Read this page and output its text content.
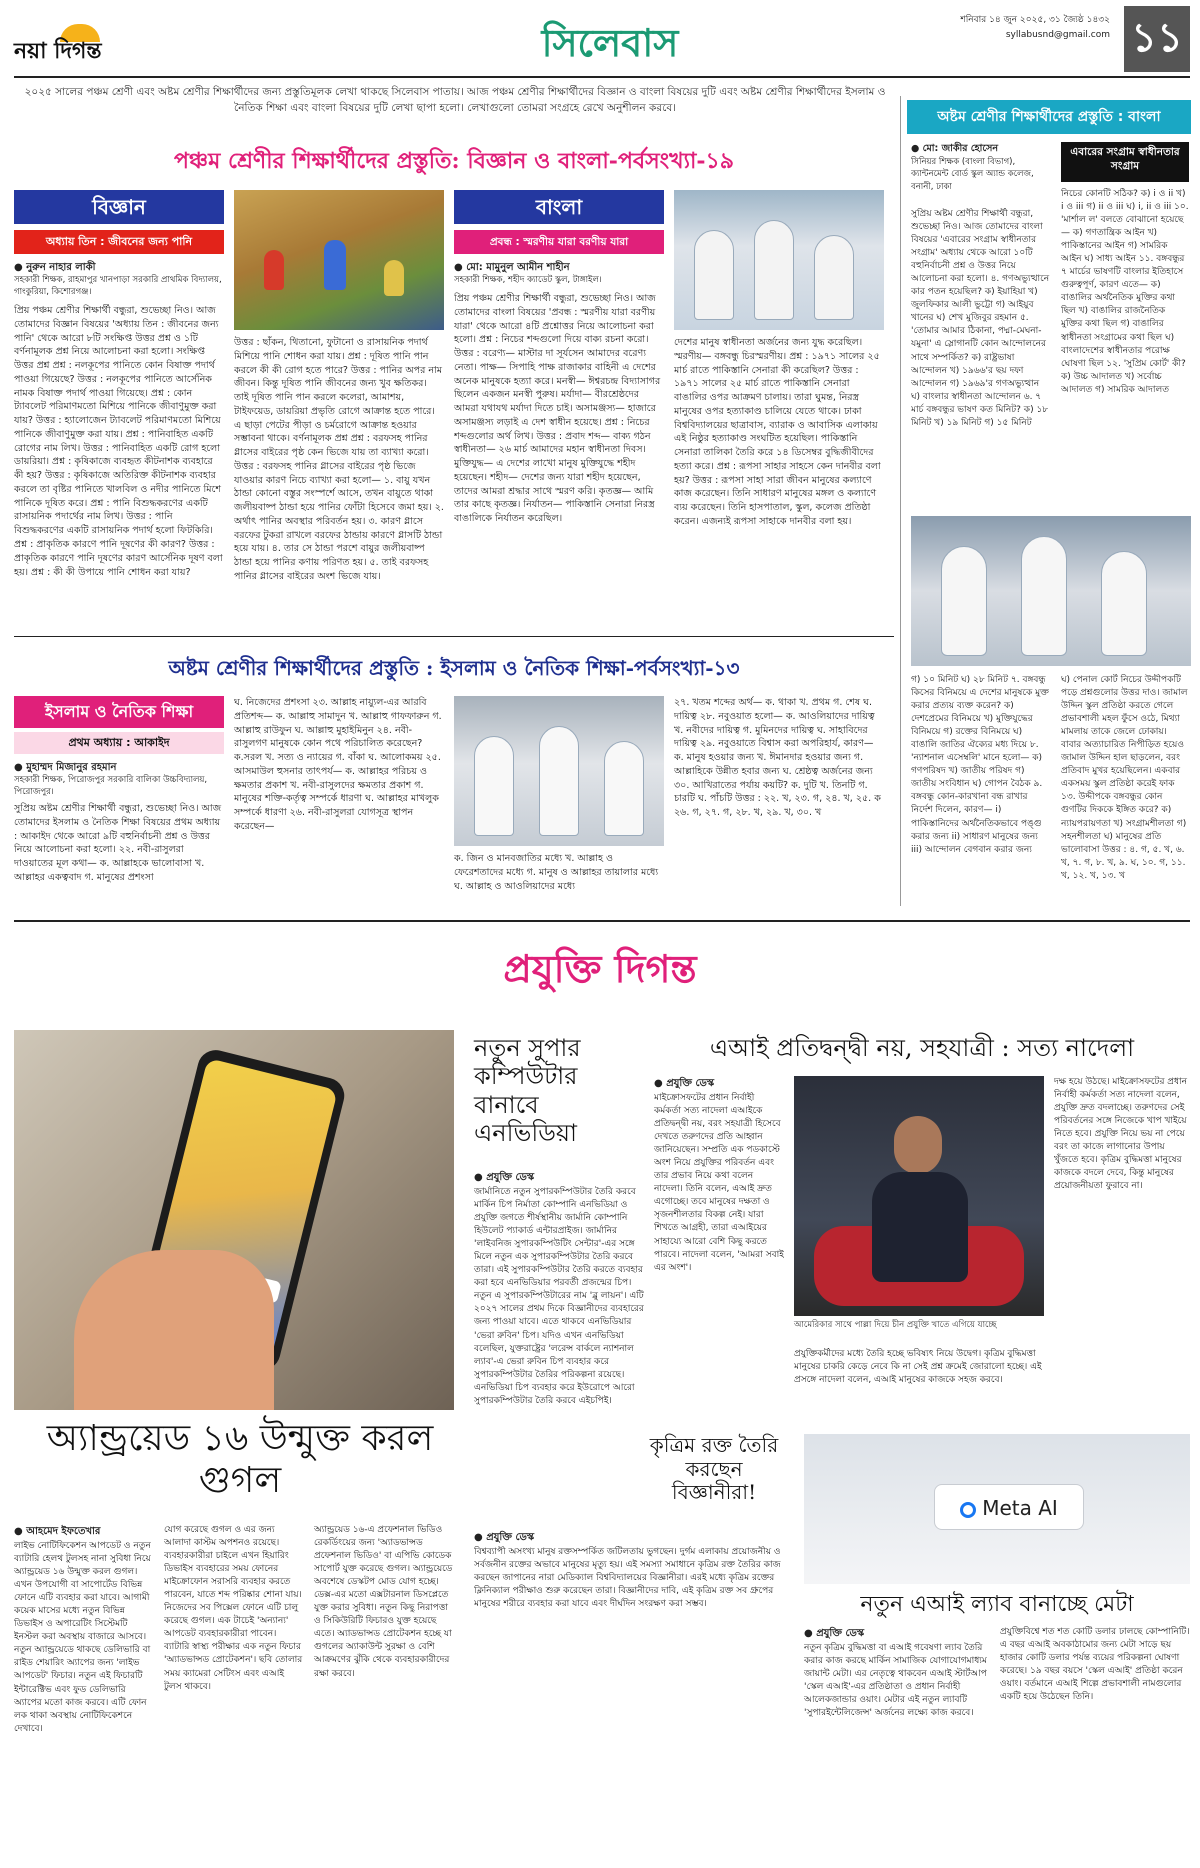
নয়া দিগন্ত	সিলেবাস	শনিবার ১৪ জুন ২০২৫, ৩১ জ্যৈষ্ঠ ১৪৩২
syllabusnd@gmail.com ১১
২০২৫ সালের পঞ্চম শ্রেণী এবং অষ্টম শ্রেণীর শিক্ষার্থীদের জন্য প্রস্তুতিমূলক লেখা থাকছে সিলেবাস পাতায়। আজ পঞ্চম শ্রেণীর শিক্ষার্থীদের বিজ্ঞান ও বাংলা বিষয়ের দুটি এবং অষ্টম শ্রেণীর শিক্ষার্থীদের ইসলাম ও নৈতিক শিক্ষা এবং বাংলা বিষয়ের দুটি লেখা ছাপা হলো। লেখাগুলো তোমরা সংগ্রহে রেখে অনুশীলন করবে।
পঞ্চম শ্রেণীর শিক্ষার্থীদের প্রস্তুতি: বিজ্ঞান ও বাংলা-পর্বসংখ্যা-১৯
বিজ্ঞান
অধ্যায় তিন : জীবনের জন্য পানি
● নুরুন নাহার লাকী
সহকারী শিক্ষক, রাহমাপুর খানপাড়া সরকারি প্রাথমিক বিদ্যালয়, গাংকুরিয়া, কিশোরগঞ্জ।
প্রিয় পঞ্চম শ্রেণীর শিক্ষার্থী বন্ধুরা, শুভেচ্ছা নিও। আজ তোমাদের বিজ্ঞান বিষয়ের 'অধ্যায় তিন : জীবনের জন্য পানি' থেকে আরো ৮টি সংক্ষিপ্ত উত্তর প্রশ্ন ও ১টি বর্ণনামূলক প্রশ্ন নিয়ে আলোচনা করা হলো। সংক্ষিপ্ত উত্তর প্রশ্ন প্রশ্ন : নলকূপের পানিতে কোন বিষাক্ত পদার্থ পাওয়া গিয়েছে? উত্তর : নলকূপের পানিতে আর্সেনিক নামক বিষাক্ত পদার্থ পাওয়া গিয়েছে। প্রশ্ন : কোন ট্যাবলেট পরিমাণমতো মিশিয়ে পানিকে জীবাণুমুক্ত করা যায়? উত্তর : হ্যালোজেন ট্যাবলেট পরিমাণমতো মিশিয়ে পানিকে জীবাণুমুক্ত করা যায়। প্রশ্ন : পানিবাহিত একটি রোগের নাম লিখ। উত্তর : পানিবাহিত একটি রোগ হলো ডায়রিয়া। প্রশ্ন : কৃষিকাজে ব্যবহৃত কীটনাশক ব্যবহারে কী হয়? উত্তর : কৃষিকাজে অতিরিক্ত কীটনাশক ব্যবহার করলে তা বৃষ্টির পানিতে খালবিল ও নদীর পানিতে মিশে পানিকে দূষিত করে। প্রশ্ন : পানি বিশুদ্ধকরণের একটি রাসায়নিক পদার্থের নাম লিখ। উত্তর : পানি বিশুদ্ধকরণের একটি রাসায়নিক পদার্থ হলো ফিটকিরি। প্রশ্ন : প্রাকৃতিক কারণে পানি দূষণের কী কারণ? উত্তর : প্রাকৃতিক কারণে পানি দূষণের কারণ আর্সেনিক দূষণ বলা হয়। প্রশ্ন : কী কী উপায়ে পানি শোধন করা যায়?
উত্তর : ছাঁকন, থিতানো, ফুটানো ও রাসায়নিক পদার্থ মিশিয়ে পানি শোধন করা যায়। প্রশ্ন : দূষিত পানি পান করলে কী কী রোগ হতে পারে? উত্তর : পানির অপর নাম জীবন। কিন্তু দূষিত পানি জীবনের জন্য খুব ক্ষতিকর। তাই দূষিত পানি পান করলে কলেরা, আমাশয়, টাইফয়েড, ডায়রিয়া প্রভৃতি রোগে আক্রান্ত হতে পারে। এ ছাড়া পেটের পীড়া ও চর্মরোগে আক্রান্ত হওয়ার সম্ভাবনা থাকে। বর্ণনামূলক প্রশ্ন প্রশ্ন : বরফসহ পানির গ্লাসের বাইরের পৃষ্ঠ কেন ভিজে যায় তা ব্যাখ্যা করো। উত্তর : বরফসহ পানির গ্লাসের বাইরের পৃষ্ঠ ভিজে যাওয়ার কারণ নিচে ব্যাখ্যা করা হলো— ১. বায়ু যখন ঠান্ডা কোনো বস্তুর সংস্পর্শে আসে, তখন বায়ুতে থাকা জলীয়বাষ্প ঠান্ডা হয়ে পানির ফোঁটা হিসেবে জমা হয়। ২. অর্থাৎ পানির অবস্থার পরিবর্তন হয়। ৩. কারণ গ্লাসে বরফের টুকরা রাখলে বরফের ঠান্ডায় কারণে গ্লাসটি ঠান্ডা হয়ে যায়। ৪. তার সে ঠান্ডা পরশে বায়ুর জলীয়বাষ্প ঠান্ডা হয়ে পানির কণায় পরিণত হয়। ৫. তাই বরফসহ পানির গ্লাসের বাইরের অংশ ভিজে যায়।
বাংলা
প্রবন্ধ : স্মরণীয় যারা বরণীয় যারা
● মো: মামুনুল আমীন শাহীন
সহকারী শিক্ষক, শহীদ ক্যাডেট স্কুল, টাঙ্গাইল।
প্রিয় পঞ্চম শ্রেণীর শিক্ষার্থী বন্ধুরা, শুভেচ্ছা নিও। আজ তোমাদের বাংলা বিষয়ের 'প্রবন্ধ : স্মরণীয় যারা বরণীয় যারা' থেকে আরো ৪টি প্রশ্নোত্তর নিয়ে আলোচনা করা হলো। প্রশ্ন : নিচের শব্দগুলো দিয়ে বাক্য রচনা করো। উত্তর : বরেণ্য— মাস্টার দা সূর্যসেন আমাদের বরেণ্য নেতা। পাক্ষ— সিপাহি পাক্ষ রাজাকার বাহিনী এ দেশের অনেক মানুষকে হত্যা করে। মনস্বী— ঈশ্বরচন্দ্র বিদ্যাসাগর ছিলেন একজন মনস্বী পুরুষ। মর্যাদা— বীরশ্রেষ্ঠদের আমরা যথাযথ মর্যাদা দিতে চাই। অসামঞ্জস্য— হাজারে অসামঞ্জস্য লড়াই এ দেশ স্বাধীন হয়েছে। প্রশ্ন : নিচের শব্দগুলোর অর্থ লিখ। উত্তর : প্রবাদ শব্দ— বাক্য গঠন স্বাধীনতা— ২৬ মার্চ আমাদের মহান স্বাধীনতা দিবস। মুক্তিযুদ্ধ— এ দেশের লাখো মানুষ মুক্তিযুদ্ধে শহীদ হয়েছেন। শহীদ— দেশের জন্য যারা শহীদ হয়েছেন, তাদের আমরা শ্রদ্ধার সাথে স্মরণ করি। কৃতজ্ঞ— আমি তার কাছে কৃতজ্ঞ। নির্যাতন— পাকিস্তানি সেনারা নিরস্ত্র বাঙালিকে নির্যাতন করেছিল।
দেশের মানুষ স্বাধীনতা অর্জনের জন্য যুদ্ধ করেছিল। স্মরণীয়— বঙ্গবন্ধু চিরস্মরণীয়। প্রশ্ন : ১৯৭১ সালের ২৫ মার্চ রাতে পাকিস্তানি সেনারা কী করেছিল? উত্তর : ১৯৭১ সালের ২৫ মার্চ রাতে পাকিস্তানি সেনারা বাঙালির ওপর আক্রমণ চালায়। তারা ঘুমন্ত, নিরস্ত্র মানুষের ওপর হত্যাকাণ্ড চালিয়ে যেতে থাকে। ঢাকা বিশ্ববিদ্যালয়ের ছাত্রাবাস, ব্যারাক ও আবাসিক এলাকায় এই নিষ্ঠুর হত্যাকাণ্ড সংঘটিত হয়েছিল। পাকিস্তানি সেনারা তালিকা তৈরি করে ১৪ ডিসেম্বর বুদ্ধিজীবীদের হত্যা করে। প্রশ্ন : রূপসা সাহার সাহসে কেন দানবীর বলা হয়? উত্তর : রূপসা সাহা সারা জীবন মানুষের কল্যাণে কাজ করেছেন। তিনি সাধারণ মানুষের মঙ্গল ও কল্যাণে ব্যয় করেছেন। তিনি হাসপাতাল, স্কুল, কলেজ প্রতিষ্ঠা করেন। এজন্যই রূপসা সাহাকে দানবীর বলা হয়।
অষ্টম শ্রেণীর শিক্ষার্থীদের প্রস্তুতি : বাংলা
● মো: জাকীর হোসেন
সিনিয়র শিক্ষক (বাংলা বিভাগ), ক্যান্টনমেন্ট বোর্ড স্কুল অ্যান্ড কলেজ, বনানী, ঢাকা
এবারের সংগ্রাম স্বাধীনতার সংগ্রাম
সুপ্রিয় অষ্টম শ্রেণীর শিক্ষার্থী বন্ধুরা, শুভেচ্ছা নিও। আজ তোমাদের বাংলা বিষয়ের 'এবারের সংগ্রাম স্বাধীনতার সংগ্রাম' অধ্যায় থেকে আরো ১০টি বহুনির্বাচনী প্রশ্ন ও উত্তর নিয়ে আলোচনা করা হলো। ৪. গণঅভ্যুত্থানে কার পতন হয়েছিল? ক) ইয়াহিয়া খ) জুলফিকার আলী ভুট্টো গ) আইয়ুব খানের ঘ) শেখ মুজিবুর রহমান ৫. 'তোমার আমার ঠিকানা, পদ্মা-মেঘনা-যমুনা' এ স্লোগানটি কোন আন্দোলনের সাথে সম্পর্কিত? ক) রাষ্ট্রভাষা আন্দোলন খ) ১৯৬৬'র ছয় দফা আন্দোলন গ) ১৯৬৯'র গণঅভ্যুত্থান ঘ) বাংলার স্বাধীনতা আন্দোলন ৬. ৭ মার্চ বঙ্গবন্ধুর ভাষণ কত মিনিট? ক) ১৮ মিনিট খ) ১৯ মিনিট গ) ১৫ মিনিট
নিচের কোনটি সঠিক? ক) i ও ii খ) i ও iii গ) ii ও iii ঘ) i, ii ও iii ১০. 'মার্শাল ল' বলতে বোঝানো হয়েছে— ক) গণতান্ত্রিক আইন খ) পাকিস্তানের আইন গ) সামরিক আইন ঘ) সাধ্য আইন ১১. বঙ্গবন্ধুর ৭ মার্চের ভাষণটি বাংলার ইতিহাসে গুরুত্বপূর্ণ, কারণ এতে— ক) বাঙালির অর্থনৈতিক মুক্তির কথা ছিল খ) বাঙালির রাজনৈতিক মুক্তির কথা ছিল গ) বাঙালির স্বাধীনতা সংগ্রামের কথা ছিল ঘ) বাংলাদেশের স্বাধীনতার পরোক্ষ ঘোষণা ছিল ১২. 'সুপ্রিম কোর্ট' কী? ক) উচ্চ আদালত খ) সর্বোচ্চ আদালত গ) সামরিক আদালত
গ) ১০ মিনিট ঘ) ২৮ মিনিট ৭. বঙ্গবন্ধু কিসের বিনিময়ে এ দেশের মানুষকে মুক্ত করার প্রত্যয় ব্যক্ত করেন? ক) দেশপ্রেমের বিনিময়ে খ) মুক্তিযুদ্ধের বিনিময়ে গ) রক্তের বিনিময়ে ঘ) বাঙালি জাতির ঐক্যের মধ্য দিয়ে ৮. 'ন্যাশনাল এসেম্বলি' মানে হলো— ক) গণপরিষদ খ) জাতীয় পরিষদ গ) জাতীয় সংবিধান ঘ) গোপন বৈঠক ৯. বঙ্গবন্ধু কোন-কারখানা বন্ধ রাখার নির্দেশ দিলেন, কারণ— i) পাকিস্তানিদের অর্থনৈতিকভাবে পঙ্গু করার জন্য ii) সাধারণ মানুষের জন্য iii) আন্দোলন বেগবান করার জন্য
ঘ) পেনাল কোর্ট নিচের উদ্দীপকটি পড়ে প্রশ্নগুলোর উত্তর দাও। জামাল উদ্দিন স্কুল প্রতিষ্ঠা করতে গেলে প্রভাবশালী মহল ফুঁসে ওঠে, মিথ্যা মামলায় তাকে জেলে ঢোকায়। বাবার অত্যাচারিত নিপীড়িত হয়েও জামাল উদ্দিন হাল ছাড়লেন, বরং প্রতিবাদ মুখর হয়েছিলেন। একবার একসময় স্কুল প্রতিষ্ঠা করেই ফাক ১৩. উদ্দীপকে বঙ্গবন্ধুর কোন গুণটির দিককে ইঙ্গিত করে? ক) ন্যায়পরায়ণতা খ) সংগ্রামশীলতা গ) সহনশীলতা ঘ) মানুষের প্রতি ভালোবাসা উত্তর : ৪. গ, ৫. খ, ৬. খ, ৭. গ, ৮. খ, ৯. ঘ, ১০. গ, ১১. খ, ১২. খ, ১৩. খ
অষ্টম শ্রেণীর শিক্ষার্থীদের প্রস্তুতি : ইসলাম ও নৈতিক শিক্ষা-পর্বসংখ্যা-১৩
ইসলাম ও নৈতিক শিক্ষা
প্রথম অধ্যায় : আকাইদ
● মুহাম্মদ মিজানুর রহমান
সহকারী শিক্ষক, পিরোজপুর সরকারি বালিকা উচ্চবিদ্যালয়, পিরোজপুর।
সুপ্রিয় অষ্টম শ্রেণীর শিক্ষার্থী বন্ধুরা, শুভেচ্ছা নিও। আজ তোমাদের ইসলাম ও নৈতিক শিক্ষা বিষয়ের প্রথম অধ্যায় : আকাইদ থেকে আরো ৯টি বহুনির্বাচনী প্রশ্ন ও উত্তর নিয়ে আলোচনা করা হলো। ২২. নবী-রাসুলরা দাওয়াতের মূল কথা— ক. আল্লাহকে ভালোবাসা খ. আল্লাহর একত্ববাদ গ. মানুষের প্রশংসা
ঘ. নিজেদের প্রশংসা ২৩. আল্লাহ নায়্যুল-এর আরবি প্রতিশব্দ— ক. আল্লাহু সামাদুন খ. আল্লাহু গাফফারুন গ. আল্লাহু রাউফুন ঘ. আল্লাহু মুহাইমিনুন ২৪. নবী-রাসুলগণ মানুষকে কোন পথে পরিচালিত করেছেন? ক.সরল খ. সত্য ও ন্যায়ের গ. বাঁকা ঘ. আলোকময় ২৫. আসমাউল হুসনার তাৎপর্য— ক. আল্লাহর পরিচয় ও ক্ষমতার প্রকাশ খ. নবী-রাসুলদের ক্ষমতার প্রকাশ গ. মানুষের শক্তি-কর্তৃত্ব সম্পর্কে ধারণা ঘ. আল্লাহর মাখলুক সম্পর্কে ধারণা ২৬. নবী-রাসুলরা যোগসূত্র স্থাপন করেছেন—
ক. জিন ও মানবজাতির মধ্যে খ. আল্লাহ ও ফেরেশতাদের মধ্যে গ. মানুষ ও আল্লাহর তায়ালার মধ্যে ঘ. আল্লাহ ও আওলিয়াদের মধ্যে
২৭. খতম শব্দের অর্থ— ক. থাকা খ. প্রথম গ. শেষ ঘ. দায়িত্ব ২৮. নবুওয়াত হলো— ক. আওলিয়াদের দায়িত্ব খ. নবীদের দায়িত্ব গ. মুমিনদের দায়িত্ব ঘ. সাহাবিদের দায়িত্ব ২৯. নবুওয়াতে বিশ্বাস করা অপরিহার্য, কারণ— ক. মানুষ হওয়ার জন্য খ. ঈমানদার হওয়ার জন্য গ. আল্লাহিকে উন্নীত হবার জন্য ঘ. শ্রেষ্ঠত্ব অর্জনের জন্য ৩০. আখিরাতের পর্যায় কয়টি? ক. দুটি খ. তিনটি গ. চারটি ঘ. পাঁচটি উত্তর : ২২. খ, ২৩. গ, ২৪. খ, ২৫. ক ২৬. গ, ২৭. গ, ২৮. খ, ২৯. খ, ৩০. খ
প্রযুক্তি দিগন্ত
অ্যান্ড্রয়েড ১৬ উন্মুক্ত করল গুগল
● আহমেদ ইফতেখার
লাইভ নোটিফিকেশন আপডেট ও নতুন ব্যাটারি হেলথ টুলসহ নানা সুবিধা নিয়ে অ্যান্ড্রয়েড ১৬ উন্মুক্ত করল গুগল। এখন উপযোগী বা সাপোর্টেড বিভিন্ন ফোনে এটি ব্যবহার করা যাবে। আগামী কয়েক মাসের মধ্যে নতুন বিভিন্ন ডিভাইস ও অপারেটিং সিস্টেমটি ইনস্টল করা অবস্থায় বাজারে আসবে। নতুন অ্যান্ড্রয়েডে থাকছে ডেলিভারি বা রাইড শেয়ারিং অ্যাপের জন্য 'লাইভ আপডেট' ফিচার। নতুন এই ফিচারটি ইন্টারেক্টিভ এবং ফুড ডেলিভারি অ্যাপের মতো কাজ করবে। এটি ফোন লক থাকা অবস্থায় নোটিফিকেশনে দেখাবে।
যোগ করেছে গুগল ও এর জন্য আলাদা কাস্টম অপশনও রয়েছে। ব্যবহারকারীরা চাইলে এখন হিয়ারিং ডিভাইস ব্যবহারের সময় ফোনের মাইক্রোফোন সরাসরি ব্যবহার করতে পারবেন, যাতে শব্দ পরিষ্কার শোনা যায়। নিজেদের সব পিক্সেল ফোনে এটি চালু করেছে গুগল। এক টাচেই 'অন্যান্য' আপডেট ব্যবহারকারীরা পাবেন। ব্যাটারি স্বাস্থ্য পরীক্ষার এক নতুন ফিচার 'অ্যাডভান্সড প্রোটেকশন'। ছবি তোলার সময় ক্যামেরা সেটিংস এবং এআই টুলস থাকবে।
অ্যান্ড্রয়েড ১৬-এ প্রফেশনাল ভিডিও রেকর্ডিংয়ের জন্য 'অ্যাডভান্সড প্রফেশনাল ভিডিও' বা এপিভি কোডেক সাপোর্ট যুক্ত করেছে গুগল। অ্যান্ড্রয়েডে অবশেষে ডেস্কটপ মোড যোগ হচ্ছে। ডেক্স-এর মতো এক্সটারনাল ডিসপ্লেতে যুক্ত করার সুবিধা। নতুন কিছু নিরাপত্তা ও সিকিউরিটি ফিচারও যুক্ত হয়েছে এতে। অ্যাডভান্সড প্রোটেকশন হচ্ছে যা গুগলের অ্যাকাউন্ট সুরক্ষা ও বেশি আক্রমণের ঝুঁকি থেকে ব্যবহারকারীদের রক্ষা করবে।
নতুন সুপার কম্পিউটার বানাবে এনভিডিয়া
● প্রযুক্তি ডেস্ক
জার্মানিতে নতুন সুপারকম্পিউটার তৈরি করবে মার্কিন চিপ নির্মাতা কোম্পানি এনভিডিয়া ও প্রযুক্তি জগতে শীর্ষস্থানীয় জার্মানি কোম্পানি হিউলেট প্যাকার্ড এন্টারপ্রাইজ। জার্মানির 'লাইবনিজ সুপারকম্পিউটিং সেন্টার'-এর সঙ্গে মিলে নতুন এক সুপারকম্পিউটার তৈরি করবে তারা। এই সুপারকম্পিউটার তৈরি করতে ব্যবহার করা হবে এনভিডিয়ার পরবর্তী প্রজন্মের চিপ। নতুন এ সুপারকম্পিউটারের নাম 'ব্লু লায়ন'। এটি ২০২৭ সালের প্রথম দিকে বিজ্ঞানীদের ব্যবহারের জন্য পাওয়া যাবে। এতে থাকবে এনভিডিয়ার 'ভেরা রুবিন' চিপ। যদিও এখন এনভিডিয়া বলেছিল, যুক্তরাষ্ট্রের 'লরেন্স বার্কলে ন্যাশনাল ল্যাব'-এ ভেরা রুবিন চিপ ব্যবহার করে সুপারকম্পিউটার তৈরির পরিকল্পনা রয়েছে। এনভিডিয়া চিপ ব্যবহার করে ইউরোপে আরো সুপারকম্পিউটার তৈরি করবে এইচপিই।
এআই প্রতিদ্বন্দ্বী নয়, সহযাত্রী : সত্য নাদেলা
● প্রযুক্তি ডেস্ক
মাইক্রোসফটের প্রধান নির্বাহী কর্মকর্তা সত্য নাদেলা এআইকে প্রতিদ্বন্দ্বী নয়, বরং সহযাত্রী হিসেবে দেখতে তরুণদের প্রতি আহ্বান জানিয়েছেন। সম্প্রতি এক পডকাস্টে অংশ নিয়ে প্রযুক্তির পরিবর্তন এবং তার প্রভাব নিয়ে কথা বলেন নাদেলা। তিনি বলেন, এআই দ্রুত এগোচ্ছে। তবে মানুষের দক্ষতা ও সৃজনশীলতার বিকল্প নেই। যারা শিখতে আগ্রহী, তারা এআইয়ের সাহায্যে আরো বেশি কিছু করতে পারবে। নাদেলা বলেন, 'আমরা সবাই এর অংশ'।
আমেরিকার সাথে পাল্লা দিয়ে চীন প্রযুক্তি খাতে এগিয়ে যাচ্ছে
প্রযুক্তিকর্মীদের মধ্যে তৈরি হচ্ছে ভবিষ্যৎ নিয়ে উদ্বেগ। কৃত্রিম বুদ্ধিমত্তা মানুষের চাকরি কেড়ে নেবে কি না সেই প্রশ্ন ক্রমেই জোরালো হচ্ছে। এই প্রসঙ্গে নাদেলা বলেন, এআই মানুষের কাজকে সহজ করবে।
দক্ষ হয়ে উঠছে। মাইক্রোসফটের প্রধান নির্বাহী কর্মকর্তা সত্য নাদেলা বলেন, প্রযুক্তি দ্রুত বদলাচ্ছে। তরুণদের সেই পরিবর্তনের সঙ্গে নিজেকে খাপ খাইয়ে নিতে হবে। প্রযুক্তি নিয়ে ভয় না পেয়ে বরং তা কাজে লাগানোর উপায় খুঁজতে হবে। কৃত্রিম বুদ্ধিমত্তা মানুষের কাজকে বদলে দেবে, কিন্তু মানুষের প্রয়োজনীয়তা ফুরাবে না।
কৃত্রিম রক্ত তৈরি করছেন বিজ্ঞানীরা!
● প্রযুক্তি ডেস্ক
বিশ্বব্যাপী অসংখ্য মানুষ রক্তসম্পর্কিত জটিলতায় ভুগছেন। দুর্গম এলাকায় প্রয়োজনীয় ও সর্বজনীন রক্তের অভাবে মানুষের মৃত্যু হয়। এই সমস্যা সমাধানে কৃত্রিম রক্ত তৈরির কাজ করছেন জাপানের নারা মেডিক্যাল বিশ্ববিদ্যালয়ের বিজ্ঞানীরা। এরই মধ্যে কৃত্রিম রক্তের ক্লিনিক্যাল পরীক্ষাও শুরু করেছেন তারা। বিজ্ঞানীদের দাবি, এই কৃত্রিম রক্ত সব গ্রুপের মানুষের শরীরে ব্যবহার করা যাবে এবং দীর্ঘদিন সংরক্ষণ করা সম্ভব।
Meta AI
নতুন এআই ল্যাব বানাচ্ছে মেটা
● প্রযুক্তি ডেস্ক
নতুন কৃত্রিম বুদ্ধিমত্তা বা এআই গবেষণা ল্যাব তৈরি করার কাজ করছে মার্কিন সামাজিক যোগাযোগমাধ্যম জায়ান্ট মেটা। এর নেতৃত্বে থাকবেন এআই স্টার্টআপ 'স্কেল এআই'-এর প্রতিষ্ঠাতা ও প্রধান নির্বাহী আলেকজান্ডার ওয়াং। মেটার এই নতুন ল্যাবটি 'সুপারইন্টেলিজেন্স' অর্জনের লক্ষ্যে কাজ করবে।
প্রযুক্তিবিশ্বে শত শত কোটি ডলার ঢালছে কোম্পানিটি। এ বছর এআই অবকাঠামোর জন্য মেটা সাড়ে ছয় হাজার কোটি ডলার পর্যন্ত ব্যয়ের পরিকল্পনা ঘোষণা করেছে। ১৯ বছর বয়সে 'স্কেল এআই' প্রতিষ্ঠা করেন ওয়াং। বর্তমানে এআই শিল্পে প্রভাবশালী নামগুলোর একটি হয়ে উঠেছেন তিনি।
